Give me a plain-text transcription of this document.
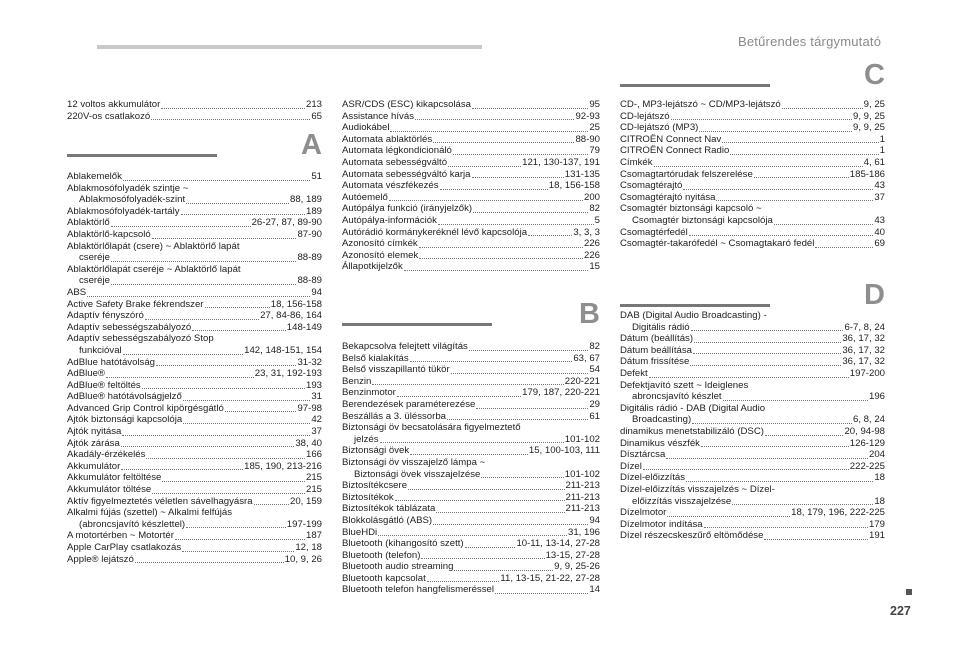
Betűrendes tárgymutató
12 voltos akkumulátor	213
220V-os csatlakozó	65
A
Ablakemelők	51
Ablakmosófolyadék szintje ~
Ablakmosófolyadék-szint	88, 189
Ablakmosófolyadék-tartály	189
Ablaktörlő	26-27, 87, 89-90
Ablaktörlő-kapcsoló	87-90
Ablaktörlőlapát (csere) ~ Ablaktörlő lapát
cseréje	88-89
Ablaktörlőlapát cseréje ~ Ablaktörlő lapát
cseréje	88-89
ABS	94
Active Safety Brake fékrendszer	18, 156-158
Adaptív fényszóró	27, 84-86, 164
Adaptív sebességszabályozó	148-149
Adaptív sebességszabályozó Stop
funkcióval	142, 148-151, 154
AdBlue hatótávolság	31-32
AdBlue®	23, 31, 192-193
AdBlue® feltöltés	193
AdBlue® hatótávolságjelző	31
Advanced Grip Control kipörgésgátló	97-98
Ajtók biztonsági kapcsolója	42
Ajtók nyitása	37
Ajtók zárása	38, 40
Akadály-érzékelés	166
Akkumulátor	185, 190, 213-216
Akkumulátor feltöltése	215
Akkumulátor töltése	215
Aktív figyelmeztetés véletlen sávelhagyásra	20, 159
Alkalmi fújás (szettel) ~ Alkalmi felfújás
(abroncsjavító készlettel)	197-199
A motortérben ~ Motortér	187
Apple CarPlay csatlakozás	12, 18
Apple® lejátszó	10, 9, 26
ASR/CDS (ESC) kikapcsolása	95
Assistance hívás	92-93
Audiokábel	25
Automata ablaktörlés	88-90
Automata légkondicionáló	79
Automata sebességváltó	121, 130-137, 191
Automata sebességváltó karja	131-135
Automata vészfékezés	18, 156-158
Autóemelő	200
Autópálya funkció (irányjelzők)	82
Autópálya-információk	5
Autórádió kormánykeréknél lévő kapcsolója	3, 3, 3
Azonosító címkék	226
Azonosító elemek	226
Állapotkijelzők	15
B
Bekapcsolva felejtett világítás	82
Belső kialakítás	63, 67
Belső visszapillantó tükör	54
Benzin	220-221
Benzinmotor	179, 187, 220-221
Berendezések paraméterezése	29
Beszállás a 3. üléssorba	61
Biztonsági öv becsatolására figyelmeztető
jelzés	101-102
Biztonsági övek	15, 100-103, 111
Biztonsági öv visszajelző lámpa ~
Biztonsági övek visszajelzése	101-102
Biztosítékcsere	211-213
Biztosítékok	211-213
Biztosítékok táblázata	211-213
Blokkolásgátló (ABS)	94
BlueHDi	31, 196
Bluetooth (kihangosító szett)	10-11, 13-14, 27-28
Bluetooth (telefon)	13-15, 27-28
Bluetooth audio streaming	9, 9, 25-26
Bluetooth kapcsolat	11, 13-15, 21-22, 27-28
Bluetooth telefon hangfelismeréssel	14
C
CD-, MP3-lejátszó ~ CD/MP3-lejátszó	9, 25
CD-lejátszó	9, 9, 25
CD-lejátszó (MP3)	9, 9, 25
CITROËN Connect Nav	1
CITROËN Connect Radio	1
Címkék	4, 61
Csomagtartórudak felszerelése	185-186
Csomagtérajtó	43
Csomagtérajtó nyitása	37
Csomagtér biztonsági kapcsoló ~
Csomagtér biztonsági kapcsolója	43
Csomagtérfedél	40
Csomagtér-takarófedél ~ Csomagtakaró fedél	69
D
DAB (Digital Audio Broadcasting) -
Digitális rádió	6-7, 8, 24
Dátum (beállítás)	36, 17, 32
Dátum beállítása	36, 17, 32
Dátum frissítése	36, 17, 32
Defekt	197-200
Defektjavító szett ~ Ideiglenes
abroncsjavító készlet	196
Digitális rádió - DAB (Digital Audio
Broadcasting)	6, 8, 24
dinamikus menetstabilizáló (DSC)	20, 94-98
Dinamikus vészfék	126-129
Dísztárcsa	204
Dízel	222-225
Dízel-előizzítás	18
Dízel-előizzítás visszajelzés ~ Dízel-
előizzítás visszajelzése	18
Dízelmotor	18, 179, 196, 222-225
Dízelmotor indítása	179
Dízel részecskeszűrő eltömődése	191
227
